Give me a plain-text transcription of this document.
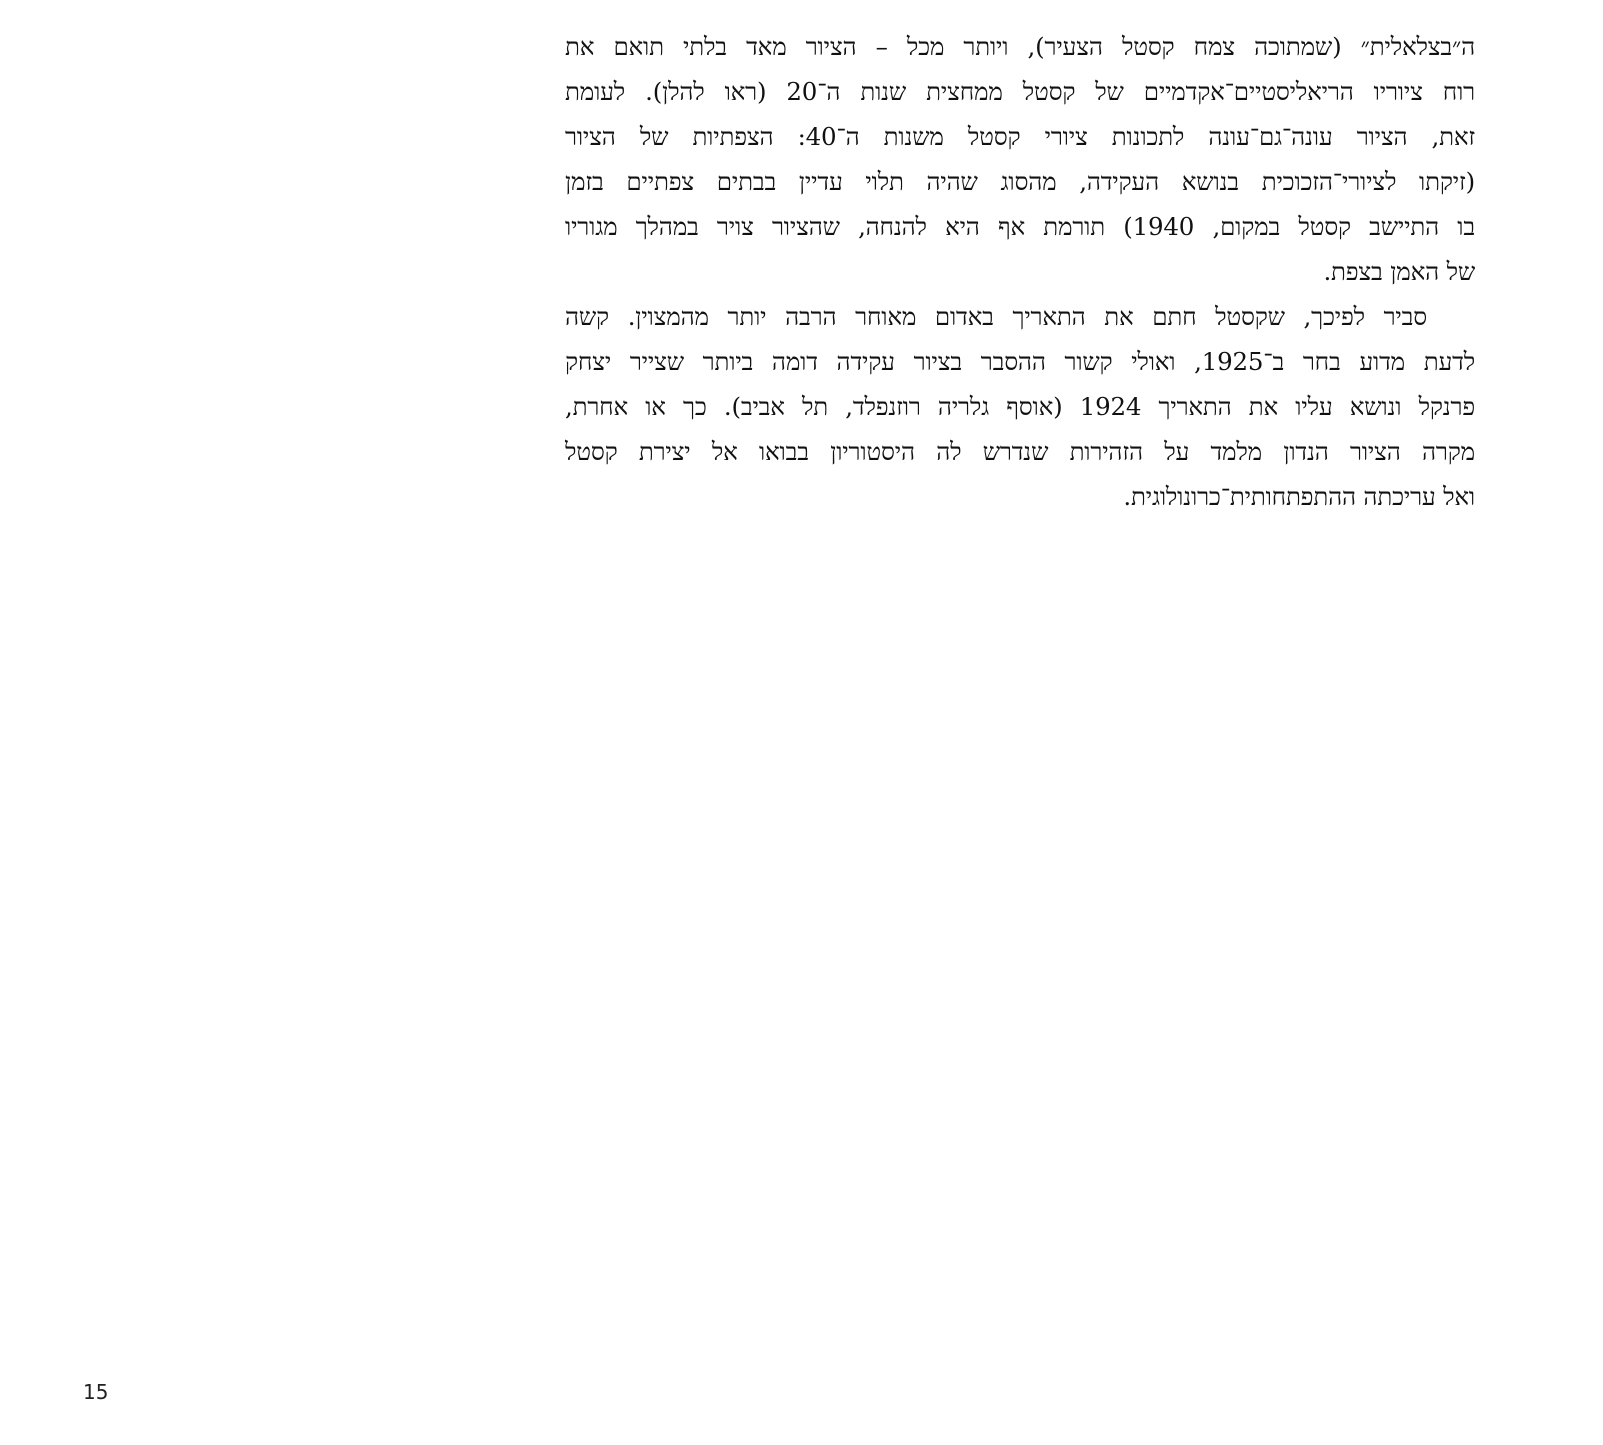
ה״בצלאלית״ (שמתוכה צמח קסטל הצעיר), ויותר מכל – הציור מאד בלתי תואם את
רוח ציוריו הריאליסטיים־אקדמיים של קסטל ממחצית שנות ה־20 (ראו להלן). לעומת
זאת, הציור עונה־גם־עונה לתכונות ציורי קסטל משנות ה־40: הצפתיות של הציור
(זיקתו לציורי־הזכוכית בנושא העקידה, מהסוג שהיה תלוי עדיין בבתים צפתיים בזמן
בו התיישב קסטל במקום, 1940) תורמת אף היא להנחה, שהציור צויר במהלך מגוריו
של האמן בצפת.

סביר לפיכך, שקסטל חתם את התאריך באדום מאוחר הרבה יותר מהמצוין. קשה
לדעת מדוע בחר ב־1925, ואולי קשור ההסבר בציור עקידה דומה ביותר שצייר יצחק
פרנקל ונושא עליו את התאריך 1924 (אוסף גלריה רוזנפלד, תל אביב). כך או אחרת,
מקרה הציור הנדון מלמד על הזהירות שנדרש לה היסטוריון בבואו אל יצירת קסטל
ואל עריכתה ההתפתחותית־כרונולוגית.

15
